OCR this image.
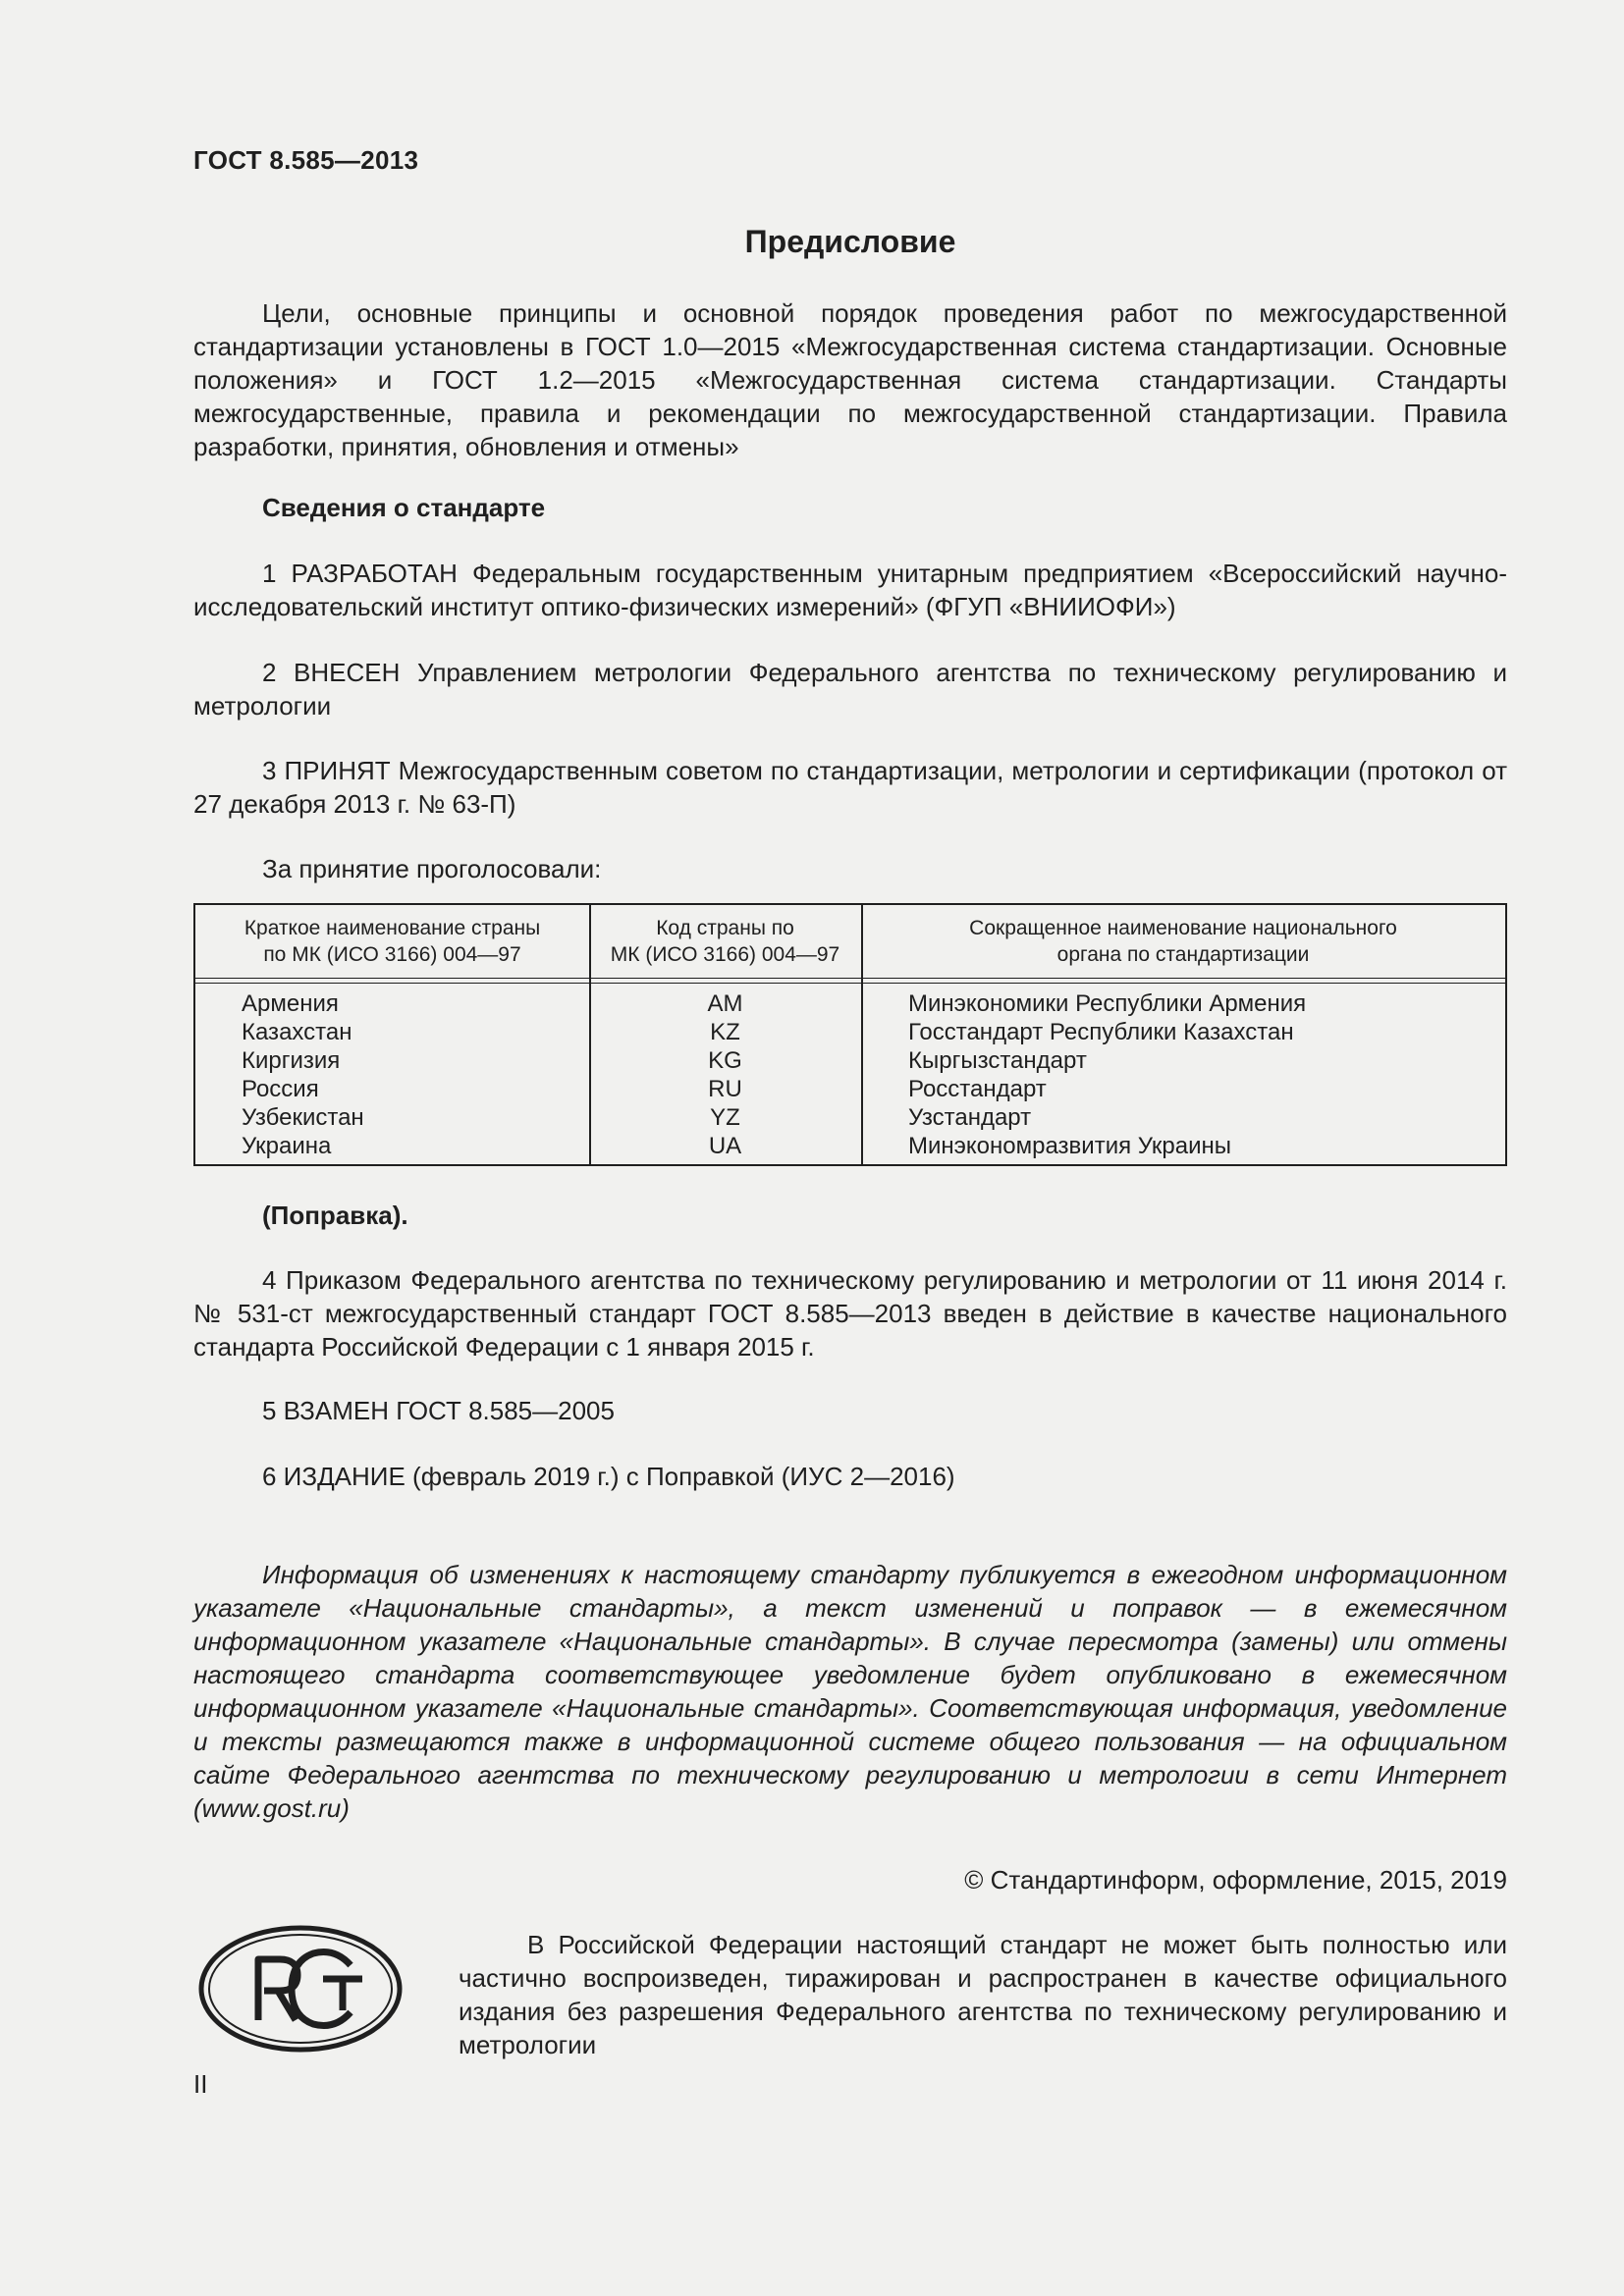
ГОСТ 8.585—2013
Предисловие

Цели, основные принципы и основной порядок проведения работ по межгосударственной стандартизации установлены в ГОСТ 1.0—2015 «Межгосударственная система стандартизации. Основные положения» и ГОСТ 1.2—2015 «Межгосударственная система стандартизации. Стандарты межгосударственные, правила и рекомендации по межгосударственной стандартизации. Правила разработки, принятия, обновления и отмены»

Сведения о стандарте

1 РАЗРАБОТАН Федеральным государственным унитарным предприятием «Всероссийский научно-исследовательский институт оптико-физических измерений» (ФГУП «ВНИИОФИ»)

2 ВНЕСЕН Управлением метрологии Федерального агентства по техническому регулированию и метрологии

3 ПРИНЯТ Межгосударственным советом по стандартизации, метрологии и сертификации (протокол от 27 декабря 2013 г. № 63-П)

За принятие проголосовали:

Краткое наименование страны
по МК (ИСО 3166) 004—97
Код страны по
МК (ИСО 3166) 004—97
Сокращенное наименование национального
органа по стандартизации
Армения
Казахстан
Киргизия
Россия
Узбекистан
Украина
AM
KZ
KG
RU
YZ
UA
Минэкономики Республики Армения
Госстандарт Республики Казахстан
Кыргызстандарт
Росстандарт
Узстандарт
Минэкономразвития Украины

(Поправка).

4 Приказом Федерального агентства по техническому регулированию и метрологии от 11 июня 2014 г. № 531-ст межгосударственный стандарт ГОСТ 8.585—2013 введен в действие в качестве национального стандарта Российской Федерации с 1 января 2015 г.

5 ВЗАМЕН ГОСТ 8.585—2005

6 ИЗДАНИЕ (февраль 2019 г.) с Поправкой (ИУС 2—2016)

Информация об изменениях к настоящему стандарту публикуется в ежегодном информационном указателе «Национальные стандарты», а текст изменений и поправок — в ежемесячном информационном указателе «Национальные стандарты». В случае пересмотра (замены) или отмены настоящего стандарта соответствующее уведомление будет опубликовано в ежемесячном информационном указателе «Национальные стандарты». Соответствующая информация, уведомление и тексты размещаются также в информационной системе общего пользования — на официальном сайте Федерального агентства по техническому регулированию и метрологии в сети Интернет (www.gost.ru)

© Стандартинформ, оформление, 2015, 2019

В Российской Федерации настоящий стандарт не может быть полностью или частично воспроизведен, тиражирован и распространен в качестве официального издания без разрешения Федерального агентства по техническому регулированию и метрологии

II
